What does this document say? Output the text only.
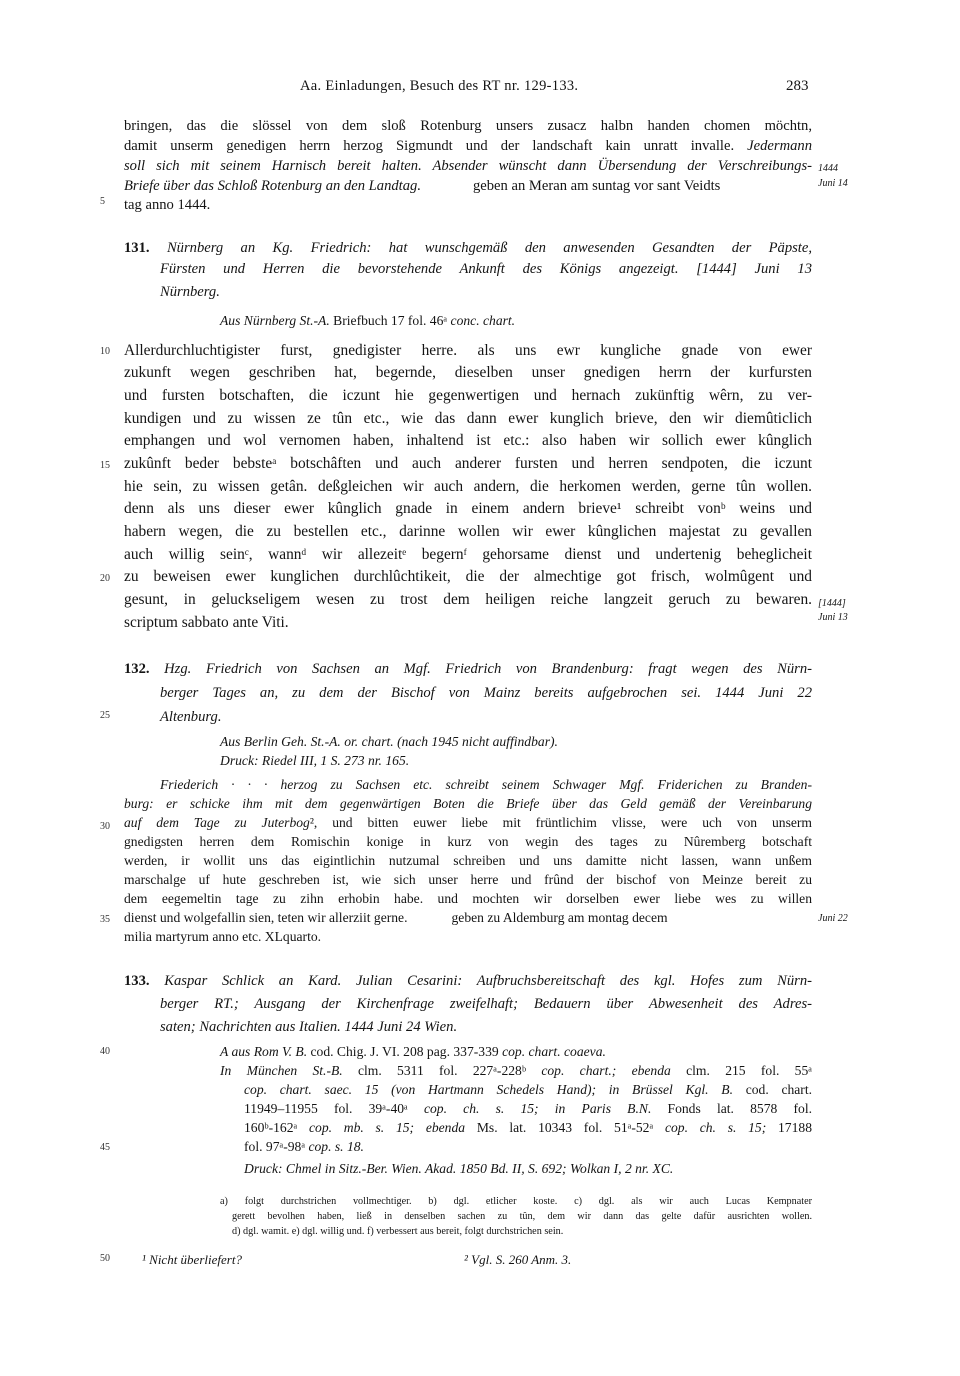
Aa. Einladungen, Besuch des RT nr. 129-133.	283
5
10
15
20
25
30
35
40
45
50
1444
Juni 14
[1444]
Juni 13
Juni 22
bringen, das die slössel von dem sloß Rotenburg unsers zusacz halbn handen chomen möchtn,
damit unserm genedigen herrn herzog Sigmundt und der landschaft kain unratt invalle. Jedermann
soll sich mit seinem Harnisch bereit halten. Absender wünscht dann Übersendung der Verschreibungs-
Briefe über das Schloß Rotenburg an den Landtag.	geben an Meran am suntag vor sant Veidts
tag anno 1444.
131. Nürnberg an Kg. Friedrich: hat wunschgemäß den anwesenden Gesandten der Päpste,
Fürsten und Herren die bevorstehende Ankunft des Königs angezeigt. [1444] Juni 13
Nürnberg.
Aus Nürnberg St.-A. Briefbuch 17 fol. 46ᵃ conc. chart.
Allerdurchluchtigister furst, gnedigister herre. als uns ewr kungliche gnade von ewer
zukunft wegen geschriben hat, begernde, dieselben unser gnedigen herrn der kurfursten
und fursten botschaften, die iczunt hie gegenwertigen und hernach zukünftig wêrn, zu ver-
kundigen und zu wissen ze tûn etc., wie das dann ewer kunglich brieve, den wir diemûticlich
emphangen und wol vernomen haben, inhaltend ist etc.: also haben wir sollich ewer kûnglich
zukûnft beder bebsteᵃ botschâften und auch anderer fursten und herren sendpoten, die iczunt
hie sein, zu wissen getân. deßgleichen wir auch andern, die herkomen werden, gerne tûn wollen.
denn als uns dieser ewer kûnglich gnade in einem andern brieve¹ schreibt vonᵇ weins und
habern wegen, die zu bestellen etc., darinne wollen wir ewer kûnglichen majestat zu gevallen
auch willig seinᶜ, wannᵈ wir allezeitᵉ begernᶠ gehorsame dienst und undertenig beheglicheit
zu beweisen ewer kunglichen durchlûchtikeit, die der almechtige got frisch, wolmûgent und
gesunt, in geluckseligem wesen zu trost dem heiligen reiche langzeit geruch zu bewaren.
scriptum sabbato ante Viti.
132. Hzg. Friedrich von Sachsen an Mgf. Friedrich von Brandenburg: fragt wegen des Nürn-
berger Tages an, zu dem der Bischof von Mainz bereits aufgebrochen sei. 1444 Juni 22
Altenburg.
Aus Berlin Geh. St.-A. or. chart. (nach 1945 nicht auffindbar).
Druck: Riedel III, 1 S. 273 nr. 165.
Friederich · · · herzog zu Sachsen etc. schreibt seinem Schwager Mgf. Friderichen zu Branden-
burg: er schicke ihm mit dem gegenwärtigen Boten die Briefe über das Geld gemäß der Vereinbarung
auf dem Tage zu Juterbog², und bitten euwer liebe mit früntlichim vlisse, were uch von unserm
gnedigsten herren dem Romischin konige in kurz von wegin des tages zu Nûremberg botschaft
werden, ir wollit uns das eigintlichin nutzumal schreiben und uns damitte nicht lassen, wann unßem
marschalge uf hute geschreben ist, wie sich unser herre und frûnd der bischof von Meinze bereit zu
dem eegemeltin tage zu zihn erhobin habe. und mochten wir dorselben ewer liebe wes zu willen
dienst und wolgefallin sien, teten wir allerziit gerne.	geben zu Aldemburg am montag decem
milia martyrum anno etc. XLquarto.
133. Kaspar Schlick an Kard. Julian Cesarini: Aufbruchsbereitschaft des kgl. Hofes zum Nürn-
berger RT.; Ausgang der Kirchenfrage zweifelhaft; Bedauern über Abwesenheit des Adres-
saten; Nachrichten aus Italien. 1444 Juni 24 Wien.
A aus Rom V. B. cod. Chig. J. VI. 208 pag. 337-339 cop. chart. coaeva.
In München St.-B. clm. 5311 fol. 227ᵃ-228ᵇ cop. chart.; ebenda clm. 215 fol. 55ᵃ
cop. chart. saec. 15 (von Hartmann Schedels Hand); in Brüssel Kgl. B. cod. chart.
11949–11955 fol. 39ᵃ-40ᵃ cop. ch. s. 15; in Paris B.N. Fonds lat. 8578 fol.
160ᵇ-162ᵃ cop. mb. s. 15; ebenda Ms. lat. 10343 fol. 51ᵃ-52ᵃ cop. ch. s. 15; 17188
fol. 97ᵃ-98ᵃ cop. s. 18.
Druck: Chmel in Sitz.-Ber. Wien. Akad. 1850 Bd. II, S. 692; Wolkan I, 2 nr. XC.
a) folgt durchstrichen vollmechtiger. b) dgl. etlicher koste. c) dgl. als wir auch Lucas Kempnater
gerett bevolhen haben, ließ in denselben sachen zu tûn, dem wir dann das gelte dafür ausrichten wollen.
d) dgl. wamit. e) dgl. willig und. f) verbessert aus bereit, folgt durchstrichen sein.
¹ Nicht überliefert?	² Vgl. S. 260 Anm. 3.
